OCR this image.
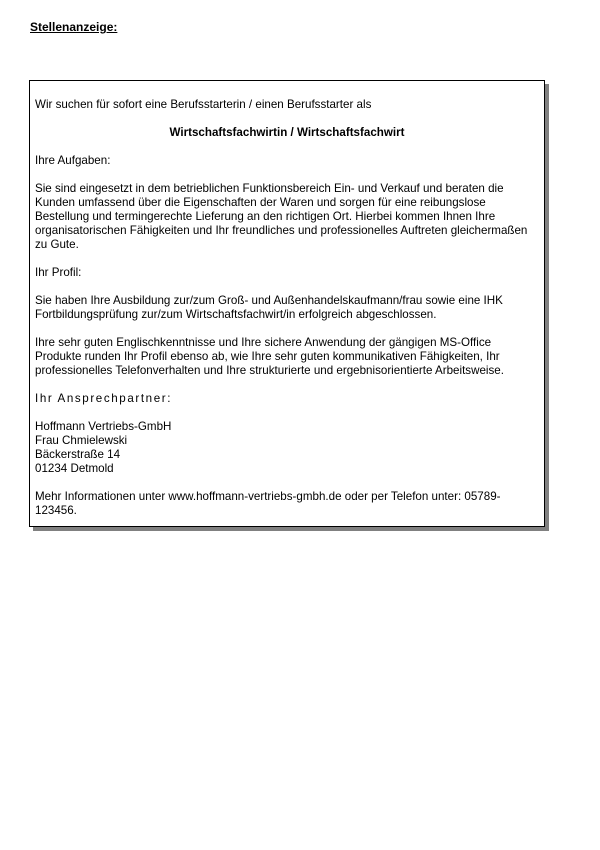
Stellenanzeige:

Wir suchen für sofort eine Berufsstarterin / einen Berufsstarter als

Wirtschaftsfachwirtin / Wirtschaftsfachwirt

Ihre Aufgaben:

Sie sind eingesetzt in dem betrieblichen Funktionsbereich Ein- und Verkauf und beraten die Kunden umfassend über die Eigenschaften der Waren und sorgen für eine reibungslose Bestellung und termingerechte Lieferung an den richtigen Ort. Hierbei kommen Ihnen Ihre organisatorischen Fähigkeiten und Ihr freundliches und professionelles Auftreten gleichermaßen zu Gute.

Ihr Profil:

Sie haben Ihre Ausbildung zur/zum Groß- und Außenhandelskaufmann/frau sowie eine IHK Fortbildungsprüfung zur/zum Wirtschaftsfachwirt/in erfolgreich abgeschlossen.

Ihre sehr guten Englischkenntnisse und Ihre sichere Anwendung der gängigen MS-Office Produkte runden Ihr Profil ebenso ab, wie Ihre sehr guten kommunikativen Fähigkeiten, Ihr professionelles Telefonverhalten und Ihre strukturierte und ergebnisorientierte Arbeitsweise.

Ihr Ansprechpartner:

Hoffmann Vertriebs-GmbH
Frau Chmielewski
Bäckerstraße 14
01234 Detmold

Mehr Informationen unter www.hoffmann-vertriebs-gmbh.de oder per Telefon unter: 05789-123456.
